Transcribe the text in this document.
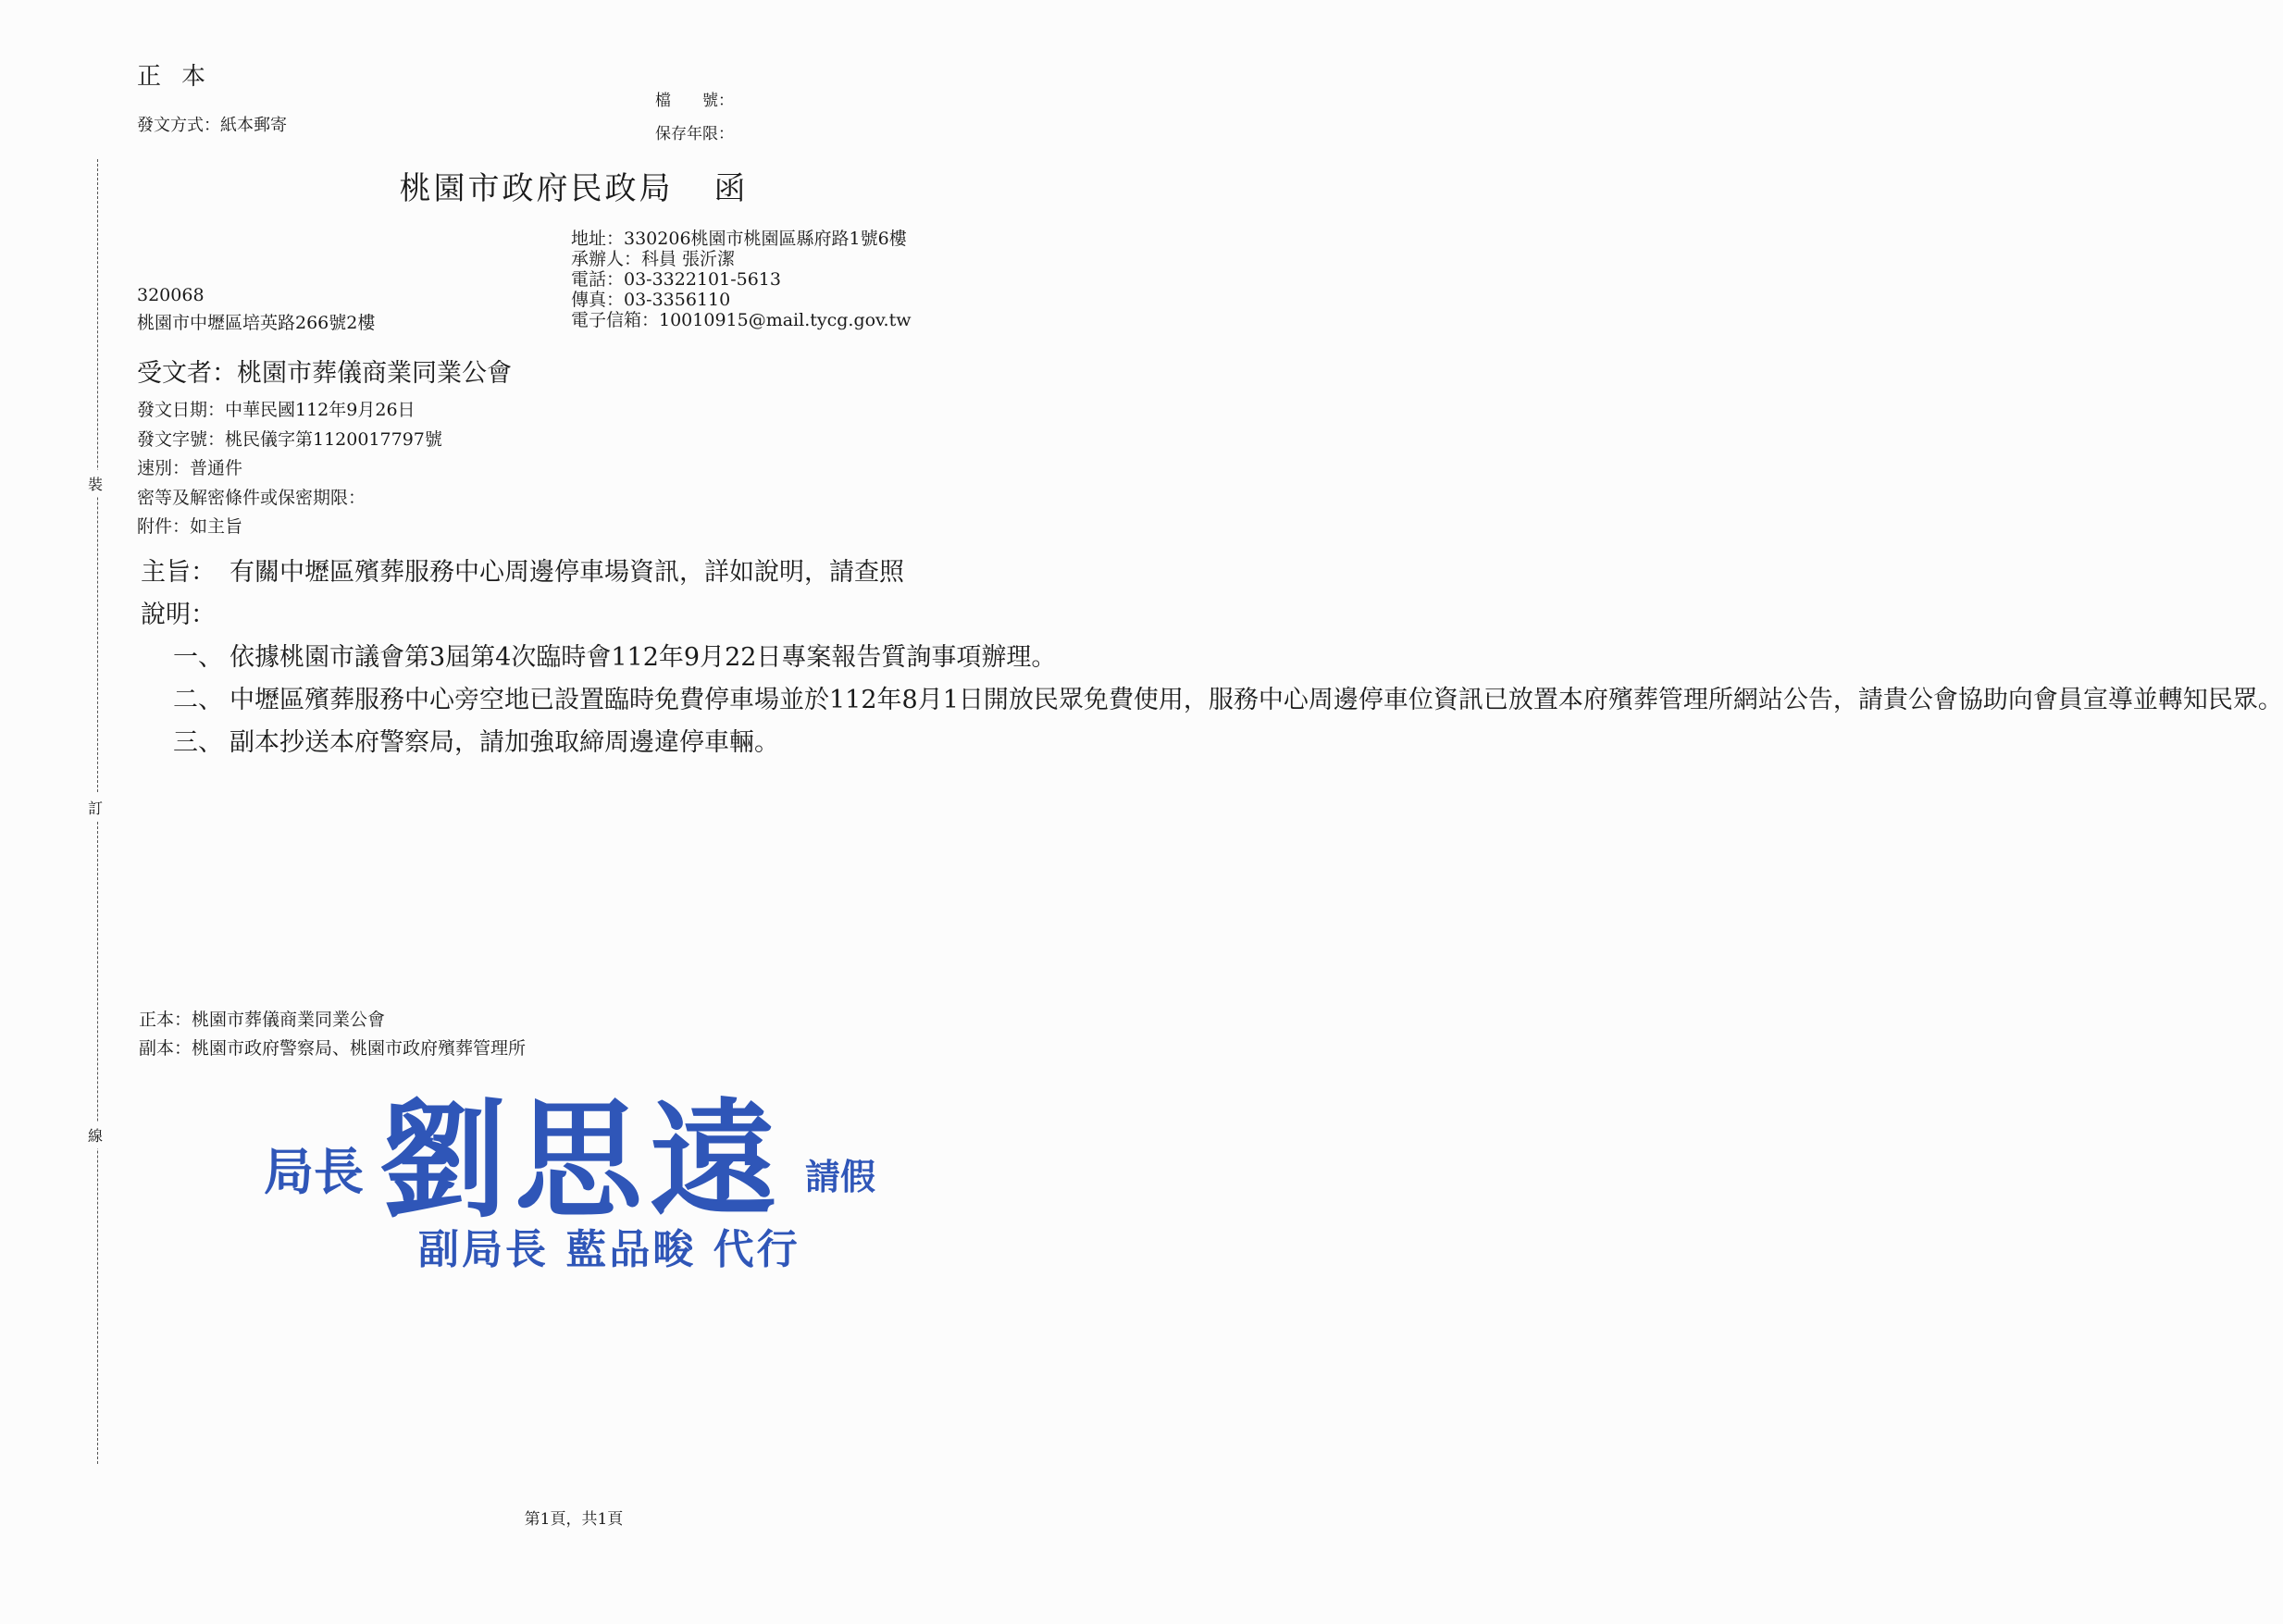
正本
發文方式：紙本郵寄
檔　　號：
保存年限：
裝
訂
線
桃園市政府民政局 函
地址：330206桃園市桃園區縣府路1號6樓
承辦人：科員 張沂潔
電話：03-3322101-5613
傳真：03-3356110
電子信箱：10010915@mail.tycg.gov.tw
320068
桃園市中壢區培英路266號2樓
受文者：桃園市葬儀商業同業公會
發文日期：中華民國112年9月26日
發文字號：桃民儀字第1120017797號
速別：普通件
密等及解密條件或保密期限：
附件：如主旨
主旨： 有關中壢區殯葬服務中心周邊停車場資訊，詳如說明，請查照
說明：
一、 依據桃園市議會第3屆第4次臨時會112年9月22日專案報告質詢事項辦理。
二、 中壢區殯葬服務中心旁空地已設置臨時免費停車場並於112年8月1日開放民眾免費使用，服務中心周邊停車位資訊已放置本府殯葬管理所網站公告，請貴公會協助向會員宣導並轉知民眾。
三、 副本抄送本府警察局，請加強取締周邊違停車輛。
正本：桃園市葬儀商業同業公會
副本：桃園市政府警察局、桃園市政府殯葬管理所
局長 劉思遠 請假
副局長 藍品畯 代行
第1頁，共1頁
